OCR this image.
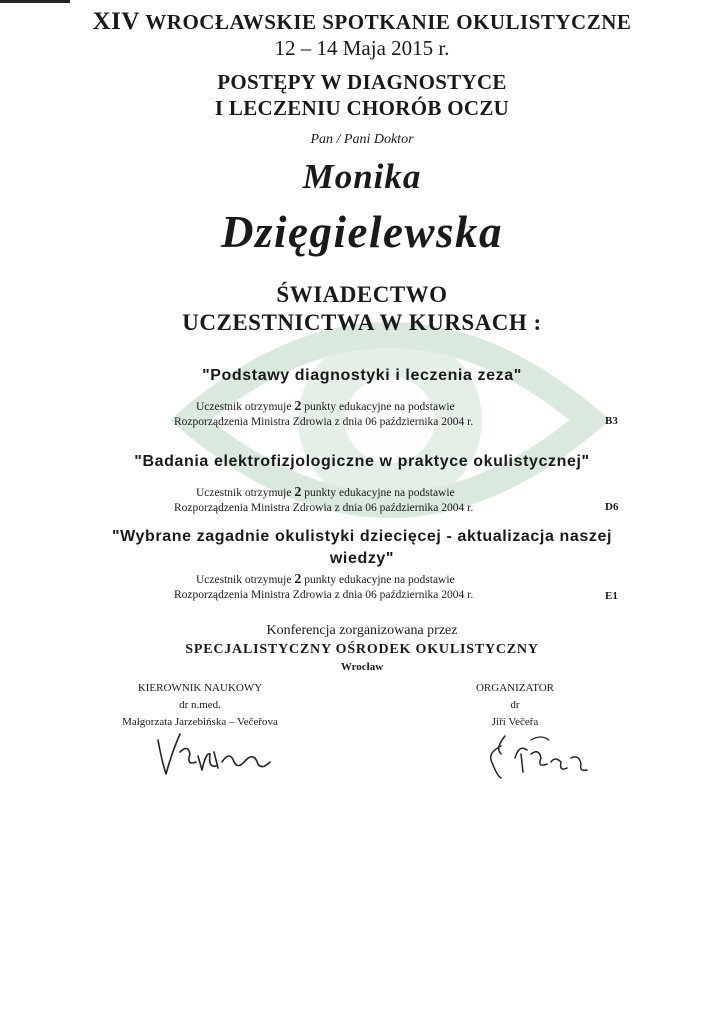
XIV WROCŁAWSKIE SPOTKANIE OKULISTYCZNE
12 – 14 Maja 2015 r.
POSTĘPY W DIAGNOSTYCE
I LECZENIU CHORÓB OCZU
Pan / Pani Doktor
Monika
Dzięgielewska
ŚWIADECTWO
UCZESTNICTWA W KURSACH :
"Podstawy diagnostyki i leczenia zeza"
Uczestnik otrzymuje 2 punkty edukacyjne na podstawie
Rozporządzenia Ministra Zdrowia z dnia 06 października 2004 r.	B3
"Badania elektrofizjologiczne w praktyce okulistycznej"
Uczestnik otrzymuje 2 punkty edukacyjne na podstawie
Rozporządzenia Ministra Zdrowia z dnia 06 października 2004 r.	D6
"Wybrane zagadnie okulistyki dziecięcej - aktualizacja naszej
wiedzy"
Uczestnik otrzymuje 2 punkty edukacyjne na podstawie
Rozporządzenia Ministra Zdrowia z dnia 06 października 2004 r.	E1
Konferencja zorganizowana przez
SPECJALISTYCZNY OŚRODEK OKULISTYCZNY
Wrocław
KIEROWNIK NAUKOWY
dr n.med.
Małgorzata Jarzebińska – Večeřova
ORGANIZATOR
dr
Jiří Večeřa
